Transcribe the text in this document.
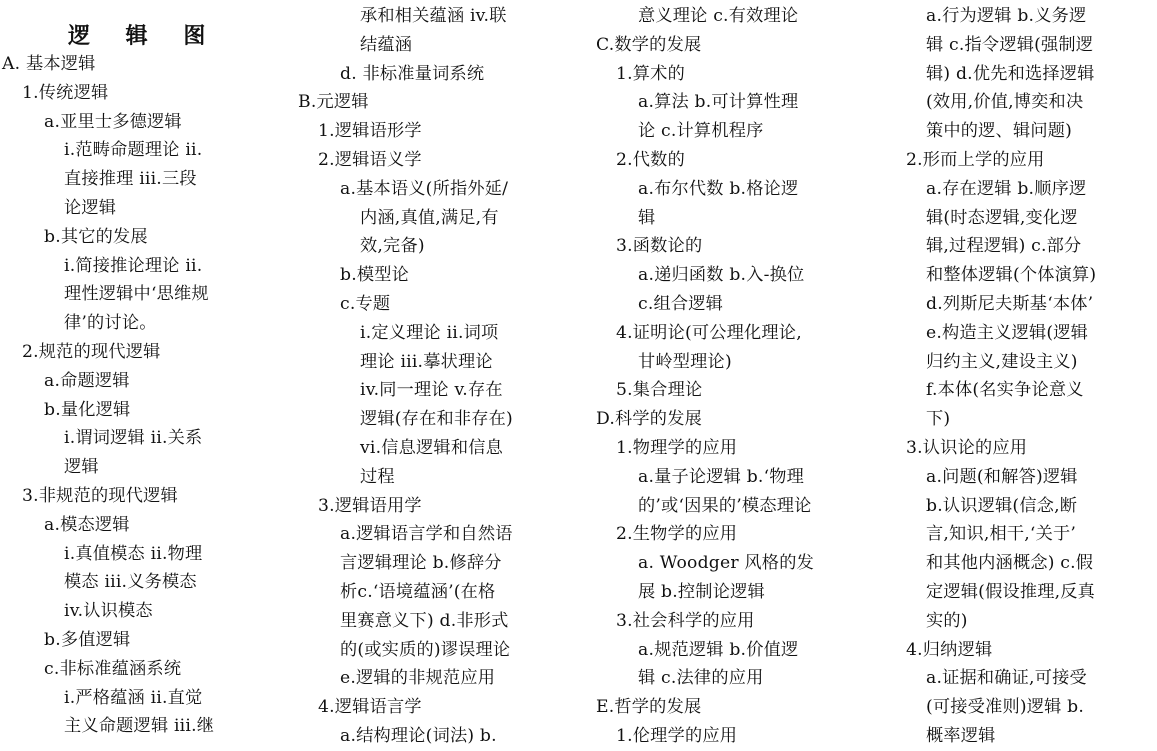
逻 辑 图
A. 基本逻辑
1.传统逻辑
a.亚里士多德逻辑
i.范畴命题理论 ii.
直接推理 iii.三段
论逻辑
b.其它的发展
i.简接推论理论 ii.
理性逻辑中‘思维规
律’的讨论。
2.规范的现代逻辑
a.命题逻辑
b.量化逻辑
i.谓词逻辑 ii.关系
逻辑
3.非规范的现代逻辑
a.模态逻辑
i.真值模态 ii.物理
模态 iii.义务模态
iv.认识模态
b.多值逻辑
c.非标准蕴涵系统
i.严格蕴涵 ii.直觉
主义命题逻辑 iii.继
承和相关蕴涵 iv.联
结蕴涵
d. 非标准量词系统
B.元逻辑
1.逻辑语形学
2.逻辑语义学
a.基本语义(所指外延/
内涵,真值,满足,有
效,完备)
b.模型论
c.专题
i.定义理论 ii.词项
理论 iii.摹状理论
iv.同一理论 v.存在
逻辑(存在和非存在)
vi.信息逻辑和信息
过程
3.逻辑语用学
a.逻辑语言学和自然语
言逻辑理论 b.修辞分
析c.‘语境蕴涵’(在格
里赛意义下) d.非形式
的(或实质的)谬误理论
e.逻辑的非规范应用
4.逻辑语言学
a.结构理论(词法) b.
意义理论 c.有效理论
C.数学的发展
1.算术的
a.算法 b.可计算性理
论 c.计算机程序
2.代数的
a.布尔代数 b.格论逻
辑
3.函数论的
a.递归函数 b.入-换位
c.组合逻辑
4.证明论(可公理化理论,
甘岭型理论)
5.集合理论
D.科学的发展
1.物理学的应用
a.量子论逻辑 b.‘物理
的’或‘因果的’模态理论
2.生物学的应用
a. Woodger 风格的发
展 b.控制论逻辑
3.社会科学的应用
a.规范逻辑 b.价值逻
辑 c.法律的应用
E.哲学的发展
1.伦理学的应用
a.行为逻辑 b.义务逻
辑 c.指令逻辑(强制逻
辑) d.优先和选择逻辑
(效用,价值,博奕和决
策中的逻、辑问题)
2.形而上学的应用
a.存在逻辑 b.顺序逻
辑(时态逻辑,变化逻
辑,过程逻辑) c.部分
和整体逻辑(个体演算)
d.列斯尼夫斯基‘本体’
e.构造主义逻辑(逻辑
归约主义,建设主义)
f.本体(名实争论意义
下)
3.认识论的应用
a.问题(和解答)逻辑
b.认识逻辑(信念,断
言,知识,相干,‘关于’
和其他内涵概念) c.假
定逻辑(假设推理,反真
实的)
4.归纳逻辑
a.证据和确证,可接受
(可接受准则)逻辑 b.
概率逻辑
